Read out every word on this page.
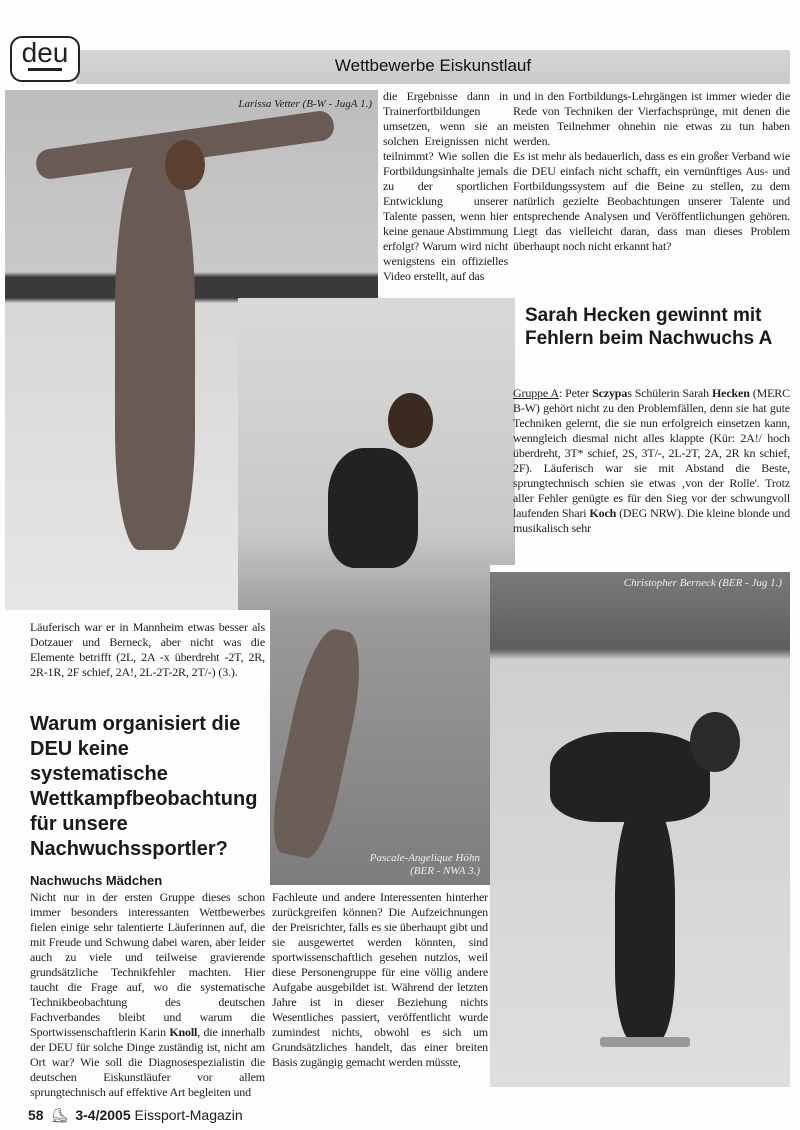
deu	Wettbewerbe Eiskunstlauf
Larissa Vetter (B-W - JugA 1.)
Pascale-Angelique Höhn
(BER - NWA 3.)
Christopher Berneck (BER - Jug 1.)
die Ergebnisse dann in Trainerfortbildungen umsetzen, wenn sie an solchen Ereignissen nicht teilnimmt? Wie sollen die Fortbildungsinhalte jemals zu der sportlichen Entwicklung unserer Talente passen, wenn hier keine genaue Abstimmung erfolgt? Warum wird nicht wenigstens ein offizielles Video erstellt, auf das

und in den Fortbildungs-Lehrgängen ist immer wieder die Rede von Techniken der Vierfachsprünge, mit denen die meisten Teilnehmer ohnehin nie etwas zu tun haben werden.

Es ist mehr als bedauerlich, dass es ein großer Verband wie die DEU einfach nicht schafft, ein vernünftiges Aus- und Fortbildungssystem auf die Beine zu stellen, zu dem natürlich gezielte Beobachtungen unserer Talente und entsprechende Analysen und Veröffentlichungen gehören. Liegt das vielleicht daran, dass man dieses Problem überhaupt noch nicht erkannt hat?

Sarah Hecken gewinnt mit Fehlern beim Nachwuchs A
Gruppe A: Peter Sczypas Schülerin Sarah Hecken (MERC B-W) gehört nicht zu den Problemfällen, denn sie hat gute Techniken gelernt, die sie nun erfolgreich einsetzen kann, wenngleich diesmal nicht alles klappte (Kür: 2A!/ hoch überdreht, 3T* schief, 2S, 3T/-, 2L-2T, 2A, 2R kn schief, 2F). Läuferisch war sie mit Abstand die Beste, sprungtechnisch schien sie etwas ‚von der Rolle'. Trotz aller Fehler genügte es für den Sieg vor der schwungvoll laufenden Shari Koch (DEG NRW). Die kleine blonde und musikalisch sehr
Läuferisch war er in Mannheim etwas besser als Dotzauer und Berneck, aber nicht was die Elemente betrifft (2L, 2A -x überdreht -2T, 2R, 2R-1R, 2F schief, 2A!, 2L-2T-2R, 2T/-) (3.).
Warum organisiert die DEU keine systematische Wettkampfbeobachtung für unsere Nachwuchssportler?
Nachwuchs Mädchen
Nicht nur in der ersten Gruppe dieses schon immer besonders interessanten Wettbewerbes fielen einige sehr talentierte Läuferinnen auf, die mit Freude und Schwung dabei waren, aber leider auch zu viele und teilweise gravierende grundsätzliche Technikfehler machten. Hier taucht die Frage auf, wo die systematische Technikbeobachtung des deutschen Fachverbandes bleibt und warum die Sportwissenschaftlerin Karin Knoll, die innerhalb der DEU für solche Dinge zuständig ist, nicht am Ort war? Wie soll die Diagnosespezialistin die deutschen Eiskunstläufer vor allem sprungtechnisch auf effektive Art begleiten und
Fachleute und andere Interessenten hinterher zurückgreifen können? Die Aufzeichnungen der Preisrichter, falls es sie überhaupt gibt und sie ausgewertet werden könnten, sind sportwissenschaftlich gesehen nutzlos, weil diese Personengruppe für eine völlig andere Aufgabe ausgebildet ist. Während der letzten Jahre ist in dieser Beziehung nichts Wesentliches passiert, veröffentlicht wurde zumindest nichts, obwohl es sich um Grundsätzliches handelt, das einer breiten Basis zugängig gemacht werden müsste,
58 ⛸ 3-4/2005 Eissport-Magazin
